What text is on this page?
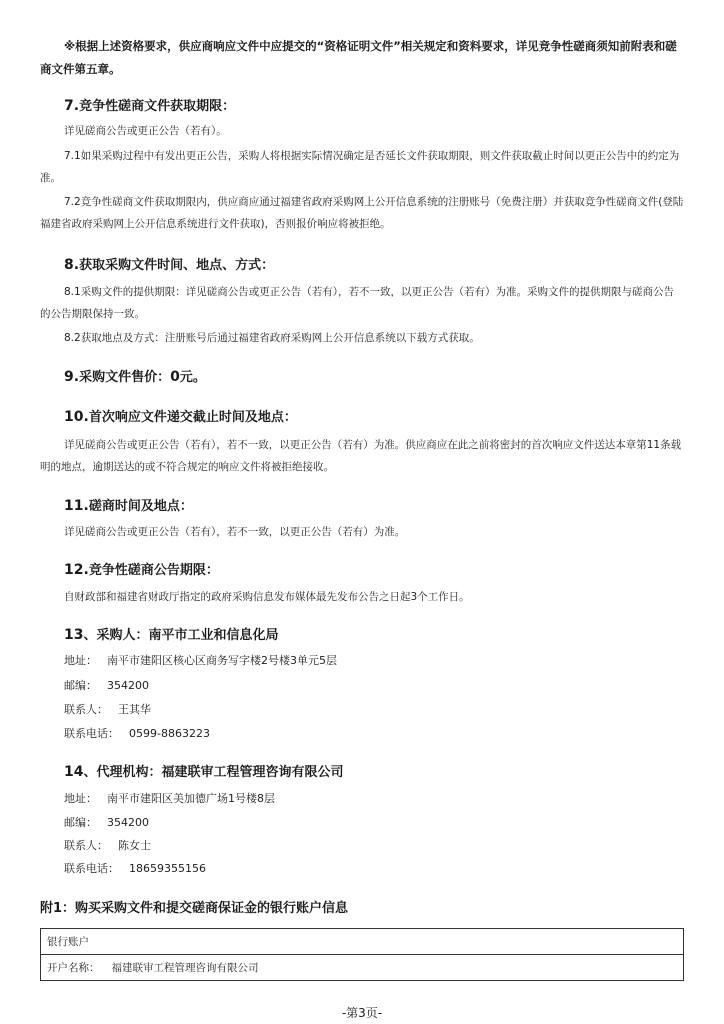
※根据上述资格要求，供应商响应文件中应提交的“资格证明文件”相关规定和资料要求，详见竞争性磋商须知前附表和磋商文件第五章。
7.竞争性磋商文件获取期限：
详见磋商公告或更正公告（若有）。
7.1如果采购过程中有发出更正公告，采购人将根据实际情况确定是否延长文件获取期限，则文件获取截止时间以更正公告中的约定为准。
7.2竞争性磋商文件获取期限内，供应商应通过福建省政府采购网上公开信息系统的注册账号（免费注册）并获取竞争性磋商文件(登陆福建省政府采购网上公开信息系统进行文件获取)，否则报价响应将被拒绝。
8.获取采购文件时间、地点、方式：
8.1采购文件的提供期限：详见磋商公告或更正公告（若有），若不一致，以更正公告（若有）为准。采购文件的提供期限与磋商公告的公告期限保持一致。
8.2获取地点及方式：注册账号后通过福建省政府采购网上公开信息系统以下载方式获取。
9.采购文件售价：0元。
10.首次响应文件递交截止时间及地点：
详见磋商公告或更正公告（若有），若不一致，以更正公告（若有）为准。供应商应在此之前将密封的首次响应文件送达本章第11条载明的地点，逾期送达的或不符合规定的响应文件将被拒绝接收。
11.磋商时间及地点：
详见磋商公告或更正公告（若有），若不一致，以更正公告（若有）为准。
12.竞争性磋商公告期限：
自财政部和福建省财政厅指定的政府采购信息发布媒体最先发布公告之日起3个工作日。
13、采购人：南平市工业和信息化局
地址： 南平市建阳区核心区商务写字楼2号楼3单元5层
邮编： 354200
联系人： 王其华
联系电话： 0599-8863223
14、代理机构：福建联审工程管理咨询有限公司
地址： 南平市建阳区美加德广场1号楼8层
邮编： 354200
联系人： 陈女士
联系电话： 18659355156
附1：购买采购文件和提交磋商保证金的银行账户信息
银行账户
开户名称： 福建联审工程管理咨询有限公司
-第3页-
